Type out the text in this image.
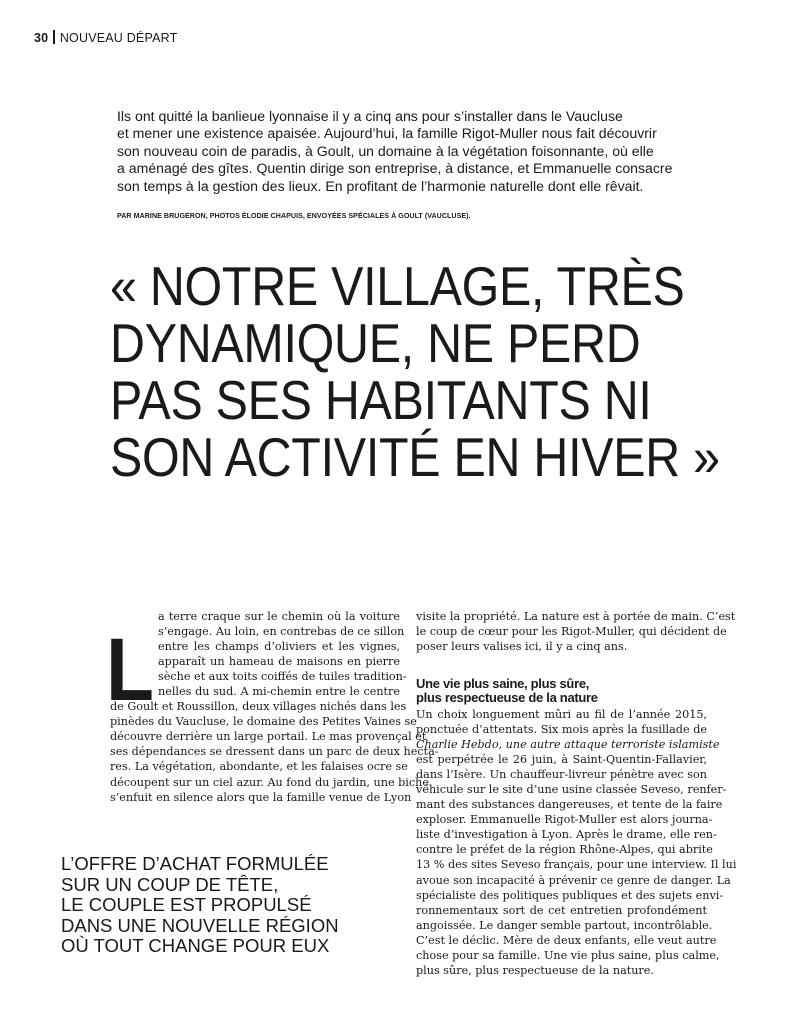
30 NOUVEAU DÉPART
Ils ont quitté la banlieue lyonnaise il y a cinq ans pour s’installer dans le Vaucluse
et mener une existence apaisée. Aujourd’hui, la famille Rigot-Muller nous fait découvrir
son nouveau coin de paradis, à Goult, un domaine à la végétation foisonnante, où elle
a aménagé des gîtes. Quentin dirige son entreprise, à distance, et Emmanuelle consacre
son temps à la gestion des lieux. En profitant de l’harmonie naturelle dont elle rêvait.
PAR MARINE BRUGERON, PHOTOS ÉLODIE CHAPUIS, ENVOYÉES SPÉCIALES À GOULT (VAUCLUSE).
« NOTRE VILLAGE, TRÈS
DYNAMIQUE, NE PERD
PAS SES HABITANTS NI
SON ACTIVITÉ EN HIVER »
L
a terre craque sur le chemin où la voiture
s’engage. Au loin, en contrebas de ce sillon
entre les champs d’oliviers et les vignes,
apparaît un hameau de maisons en pierre
sèche et aux toits coiffés de tuiles tradition-
nelles du sud. A mi-chemin entre le centre
de Goult et Roussillon, deux villages nichés dans les
pinèdes du Vaucluse, le domaine des Petites Vaines se
découvre derrière un large portail. Le mas provençal et
ses dépendances se dressent dans un parc de deux hecta-
res. La végétation, abondante, et les falaises ocre se
découpent sur un ciel azur. Au fond du jardin, une biche
s’enfuit en silence alors que la famille venue de Lyon
visite la propriété. La nature est à portée de main. C’est
le coup de cœur pour les Rigot-Muller, qui décident de
poser leurs valises ici, il y a cinq ans.
Une vie plus saine, plus sûre,
plus respectueuse de la nature
Un choix longuement mûri au fil de l’année 2015,
ponctuée d’attentats. Six mois après la fusillade de
Charlie Hebdo, une autre attaque terroriste islamiste
est perpétrée le 26 juin, à Saint-Quentin-Fallavier,
dans l’Isère. Un chauffeur-livreur pénètre avec son
véhicule sur le site d’une usine classée Seveso, renfer-
mant des substances dangereuses, et tente de la faire
exploser. Emmanuelle Rigot-Muller est alors journa-
liste d’investigation à Lyon. Après le drame, elle ren-
contre le préfet de la région Rhône-Alpes, qui abrite
13 % des sites Seveso français, pour une interview. Il lui
avoue son incapacité à prévenir ce genre de danger. La
spécialiste des politiques publiques et des sujets envi-
ronnementaux sort de cet entretien profondément
angoissée. Le danger semble partout, incontrôlable.
C’est le déclic. Mère de deux enfants, elle veut autre
chose pour sa famille. Une vie plus saine, plus calme,
plus sûre, plus respectueuse de la nature.
L’OFFRE D’ACHAT FORMULÉE
SUR UN COUP DE TÊTE,
LE COUPLE EST PROPULSÉ
DANS UNE NOUVELLE RÉGION
OÙ TOUT CHANGE POUR EUX
